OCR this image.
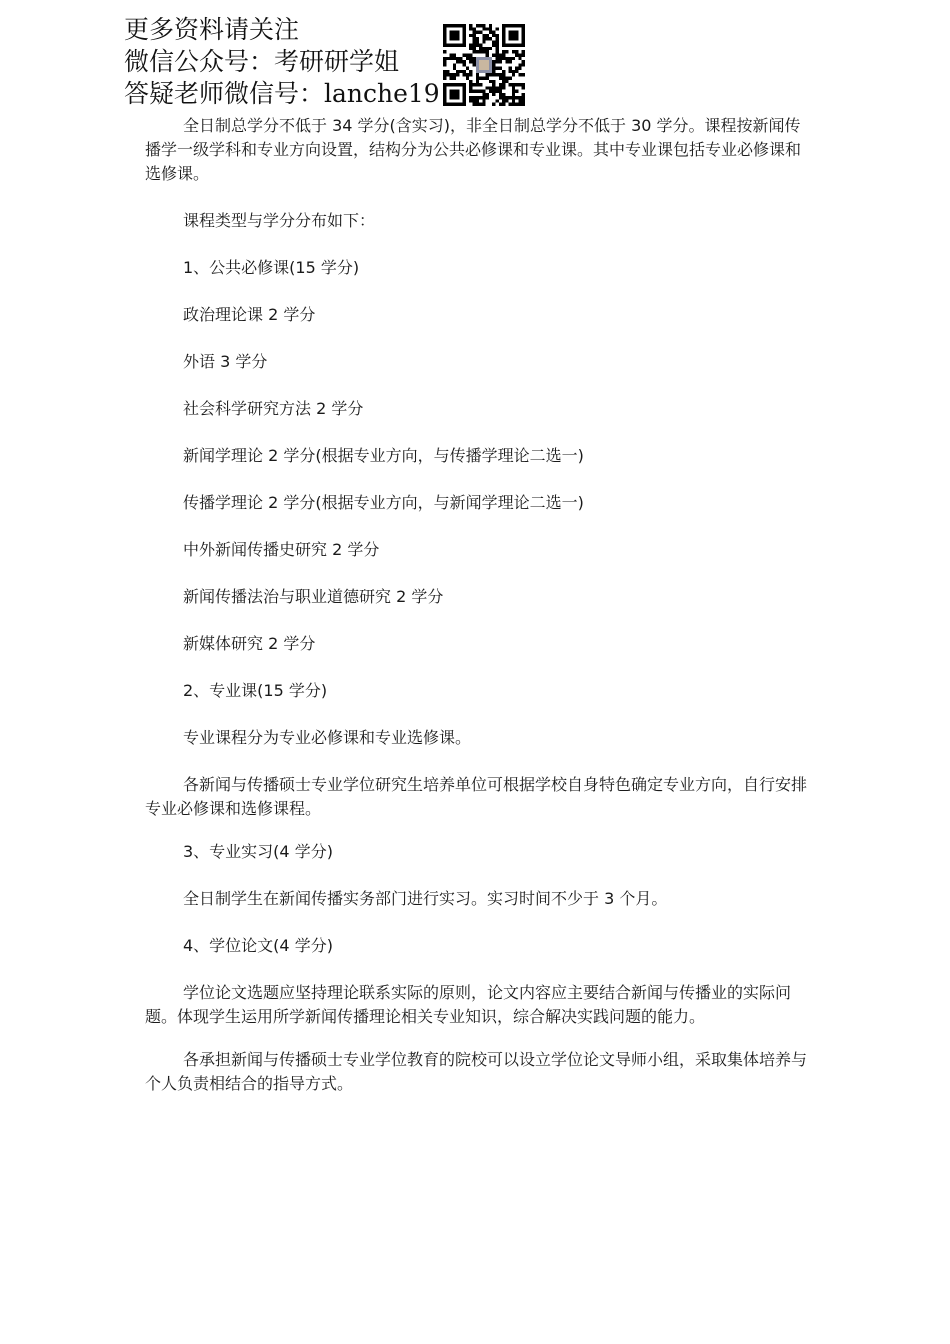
更多资料请关注
微信公众号：考研研学姐
答疑老师微信号：lanche19

全日制总学分不低于 34 学分(含实习)，非全日制总学分不低于 30 学分。课程按新闻传播学一级学科和专业方向设置，结构分为公共必修课和专业课。其中专业课包括专业必修课和选修课。

课程类型与学分分布如下：

1、公共必修课(15 学分)

政治理论课 2 学分

外语 3 学分

社会科学研究方法 2 学分

新闻学理论 2 学分(根据专业方向，与传播学理论二选一)

传播学理论 2 学分(根据专业方向，与新闻学理论二选一)

中外新闻传播史研究 2 学分

新闻传播法治与职业道德研究 2 学分

新媒体研究 2 学分

2、专业课(15 学分)

专业课程分为专业必修课和专业选修课。

各新闻与传播硕士专业学位研究生培养单位可根据学校自身特色确定专业方向，自行安排专业必修课和选修课程。

3、专业实习(4 学分)

全日制学生在新闻传播实务部门进行实习。实习时间不少于 3 个月。

4、学位论文(4 学分)

学位论文选题应坚持理论联系实际的原则，论文内容应主要结合新闻与传播业的实际问题。体现学生运用所学新闻传播理论相关专业知识，综合解决实践问题的能力。

各承担新闻与传播硕士专业学位教育的院校可以设立学位论文导师小组，采取集体培养与个人负责相结合的指导方式。
